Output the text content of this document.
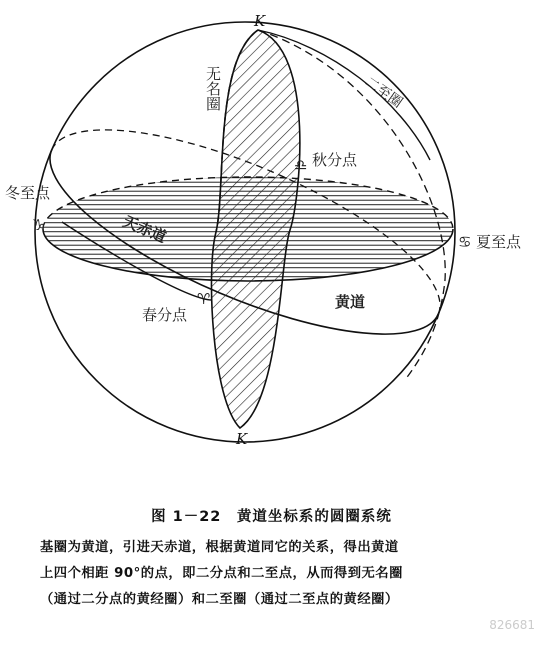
K
K
无名圈	二至圈
♎ 秋分点
冬至点
♑
♋ 夏至点
天赤道
♈
春分点
黄道
图 1－22　黄道坐标系的圆圈系统
基圈为黄道，引进天赤道，根据黄道同它的关系，得出黄道
上四个相距 90°的点，即二分点和二至点，从而得到无名圈
（通过二分点的黄经圈）和二至圈（通过二至点的黄经圈）
826681
